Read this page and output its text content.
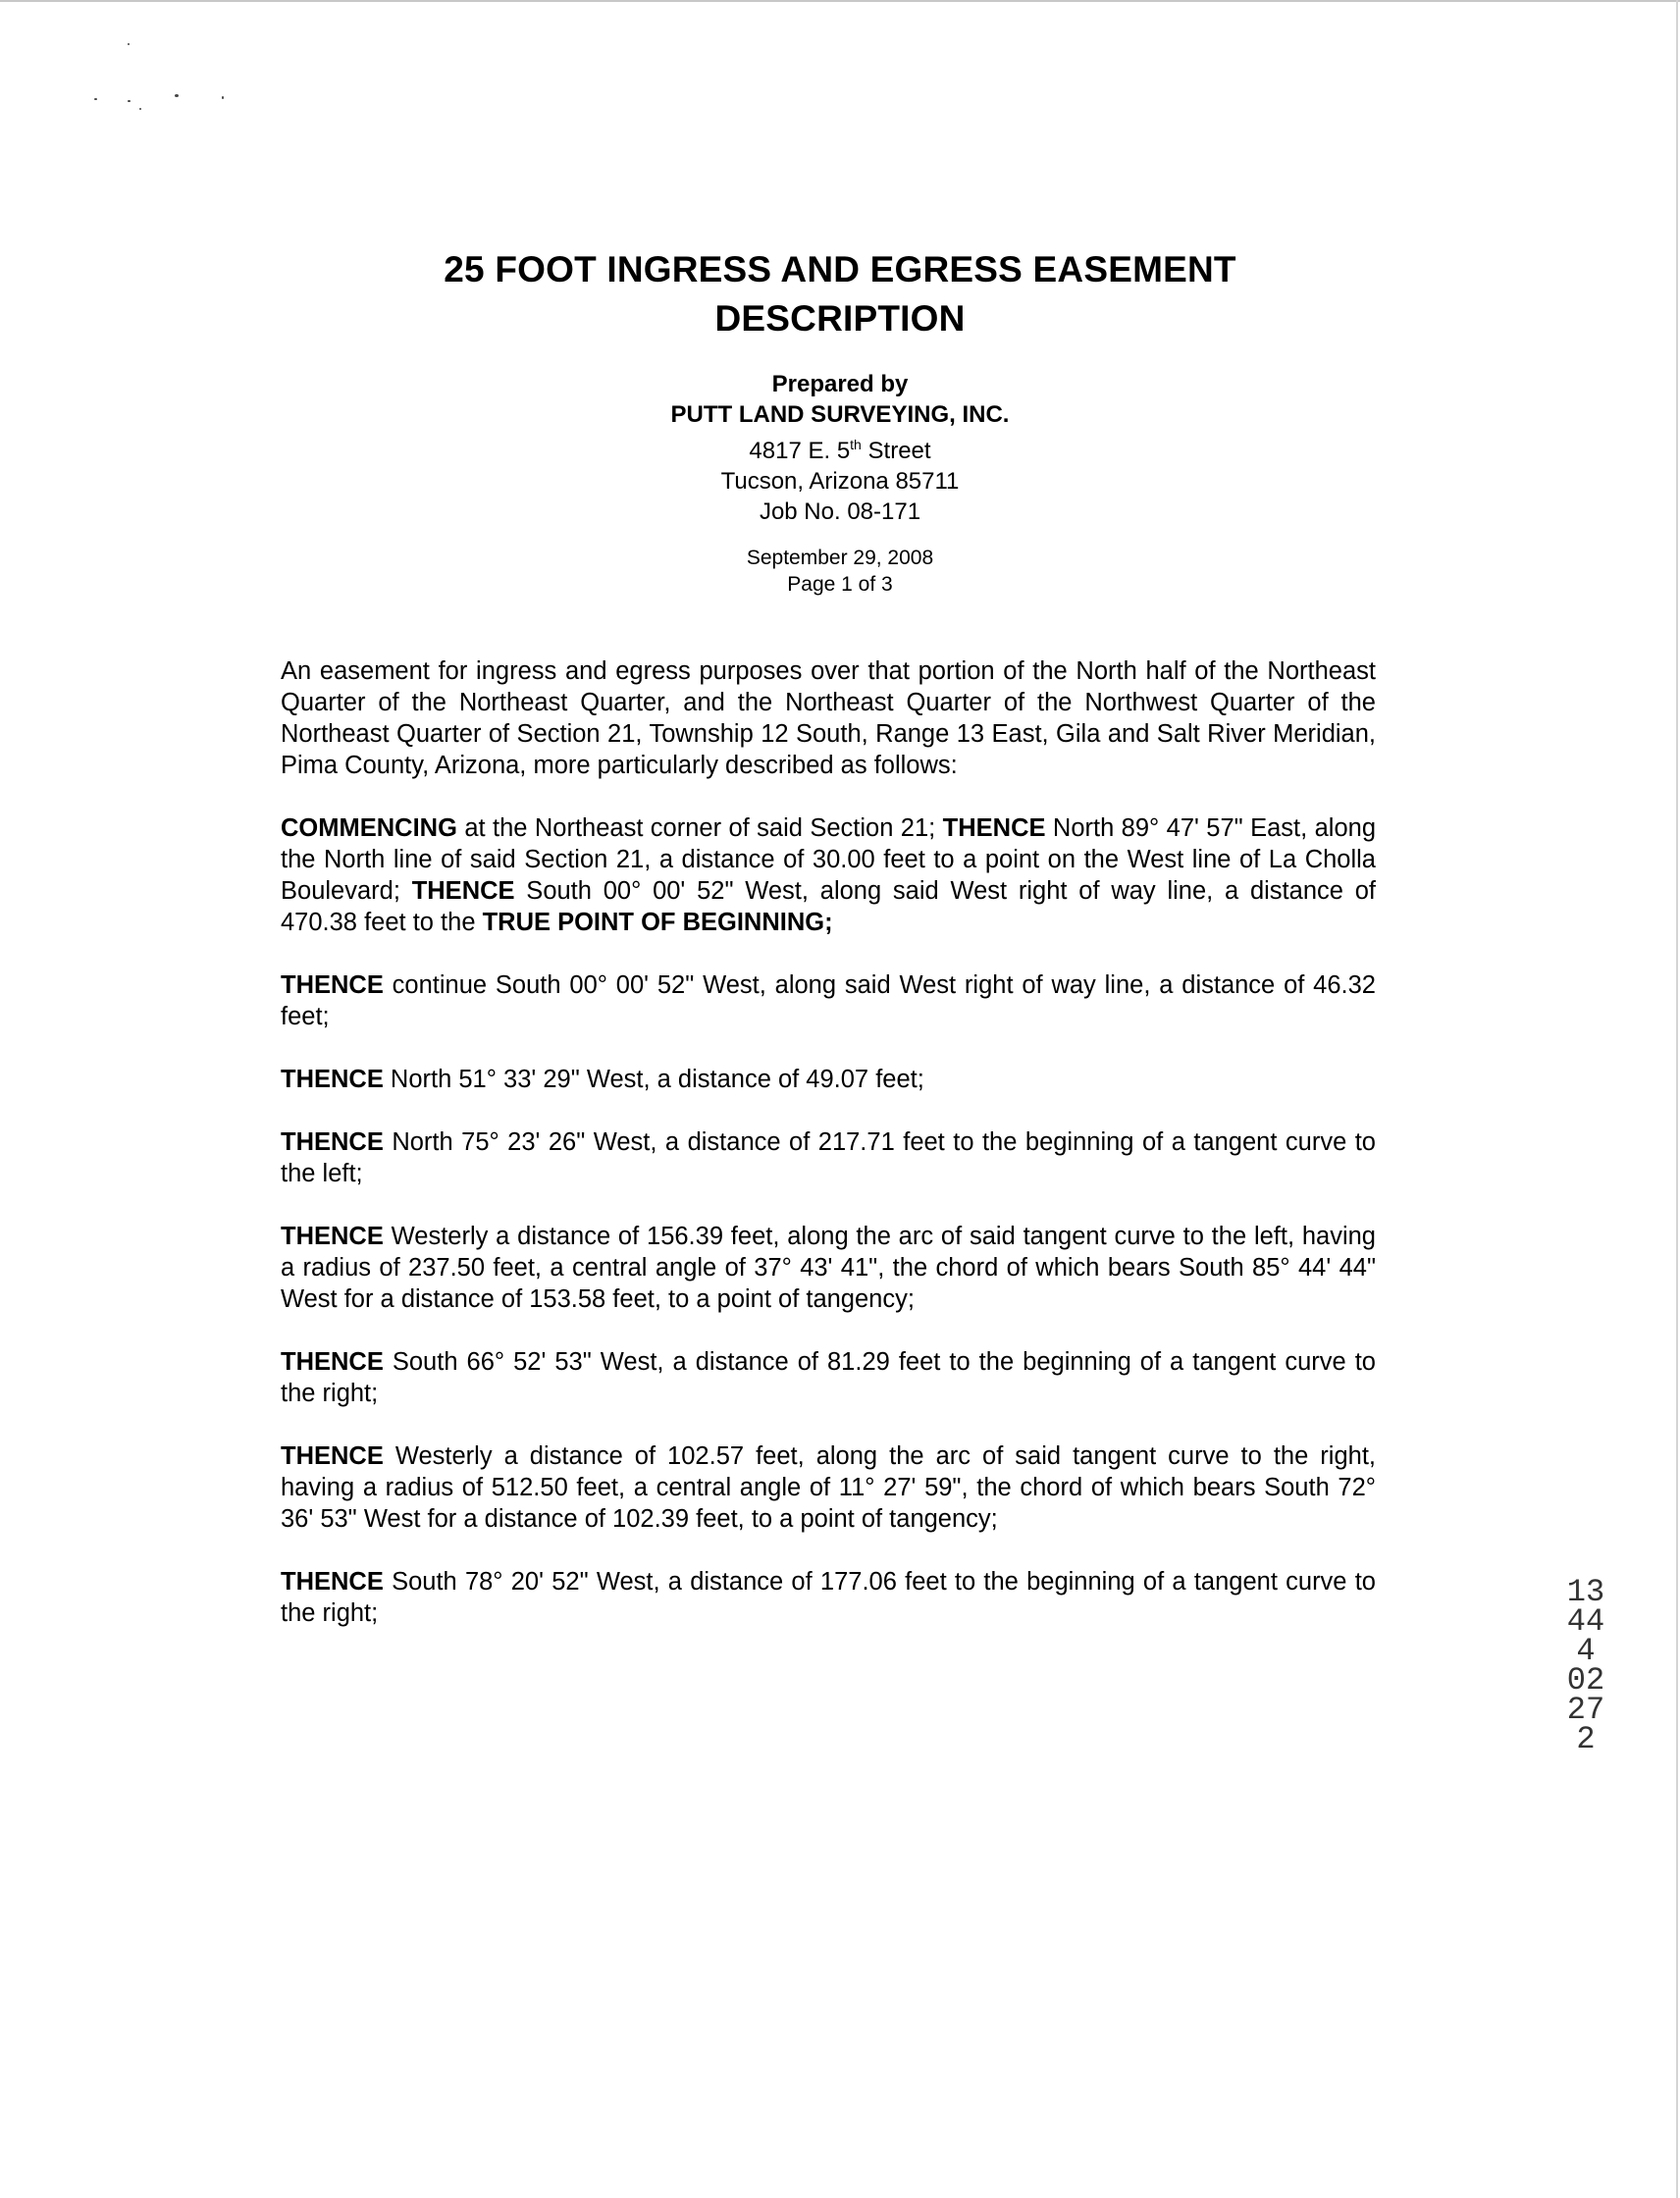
25 FOOT INGRESS AND EGRESS EASEMENT
DESCRIPTION
Prepared by
PUTT LAND SURVEYING, INC.
4817 E. 5th Street
Tucson, Arizona 85711
Job No. 08-171
September 29, 2008
Page 1 of 3

An easement for ingress and egress purposes over that portion of the North half of the Northeast Quarter of the Northeast Quarter, and the Northeast Quarter of the Northwest Quarter of the Northeast Quarter of Section 21, Township 12 South, Range 13 East, Gila and Salt River Meridian, Pima County, Arizona, more particularly described as follows:

COMMENCING at the Northeast corner of said Section 21; THENCE North 89° 47' 57" East, along the North line of said Section 21, a distance of 30.00 feet to a point on the West line of La Cholla Boulevard; THENCE South 00° 00' 52" West, along said West right of way line, a distance of 470.38 feet to the TRUE POINT OF BEGINNING;

THENCE continue South 00° 00' 52" West, along said West right of way line, a distance of 46.32 feet;

THENCE North 51° 33' 29" West, a distance of 49.07 feet;

THENCE North 75° 23' 26" West, a distance of 217.71 feet to the beginning of a tangent curve to the left;

THENCE Westerly a distance of 156.39 feet, along the arc of said tangent curve to the left, having a radius of 237.50 feet, a central angle of 37° 43' 41", the chord of which bears South 85° 44' 44" West for a distance of 153.58 feet, to a point of tangency;

THENCE South 66° 52' 53" West, a distance of 81.29 feet to the beginning of a tangent curve to the right;

THENCE Westerly a distance of 102.57 feet, along the arc of said tangent curve to the right, having a radius of 512.50 feet, a central angle of 11° 27' 59", the chord of which bears South 72° 36' 53" West for a distance of 102.39 feet, to a point of tangency;

THENCE South 78° 20' 52" West, a distance of 177.06 feet to the beginning of a tangent curve to the right;

13444 02272
